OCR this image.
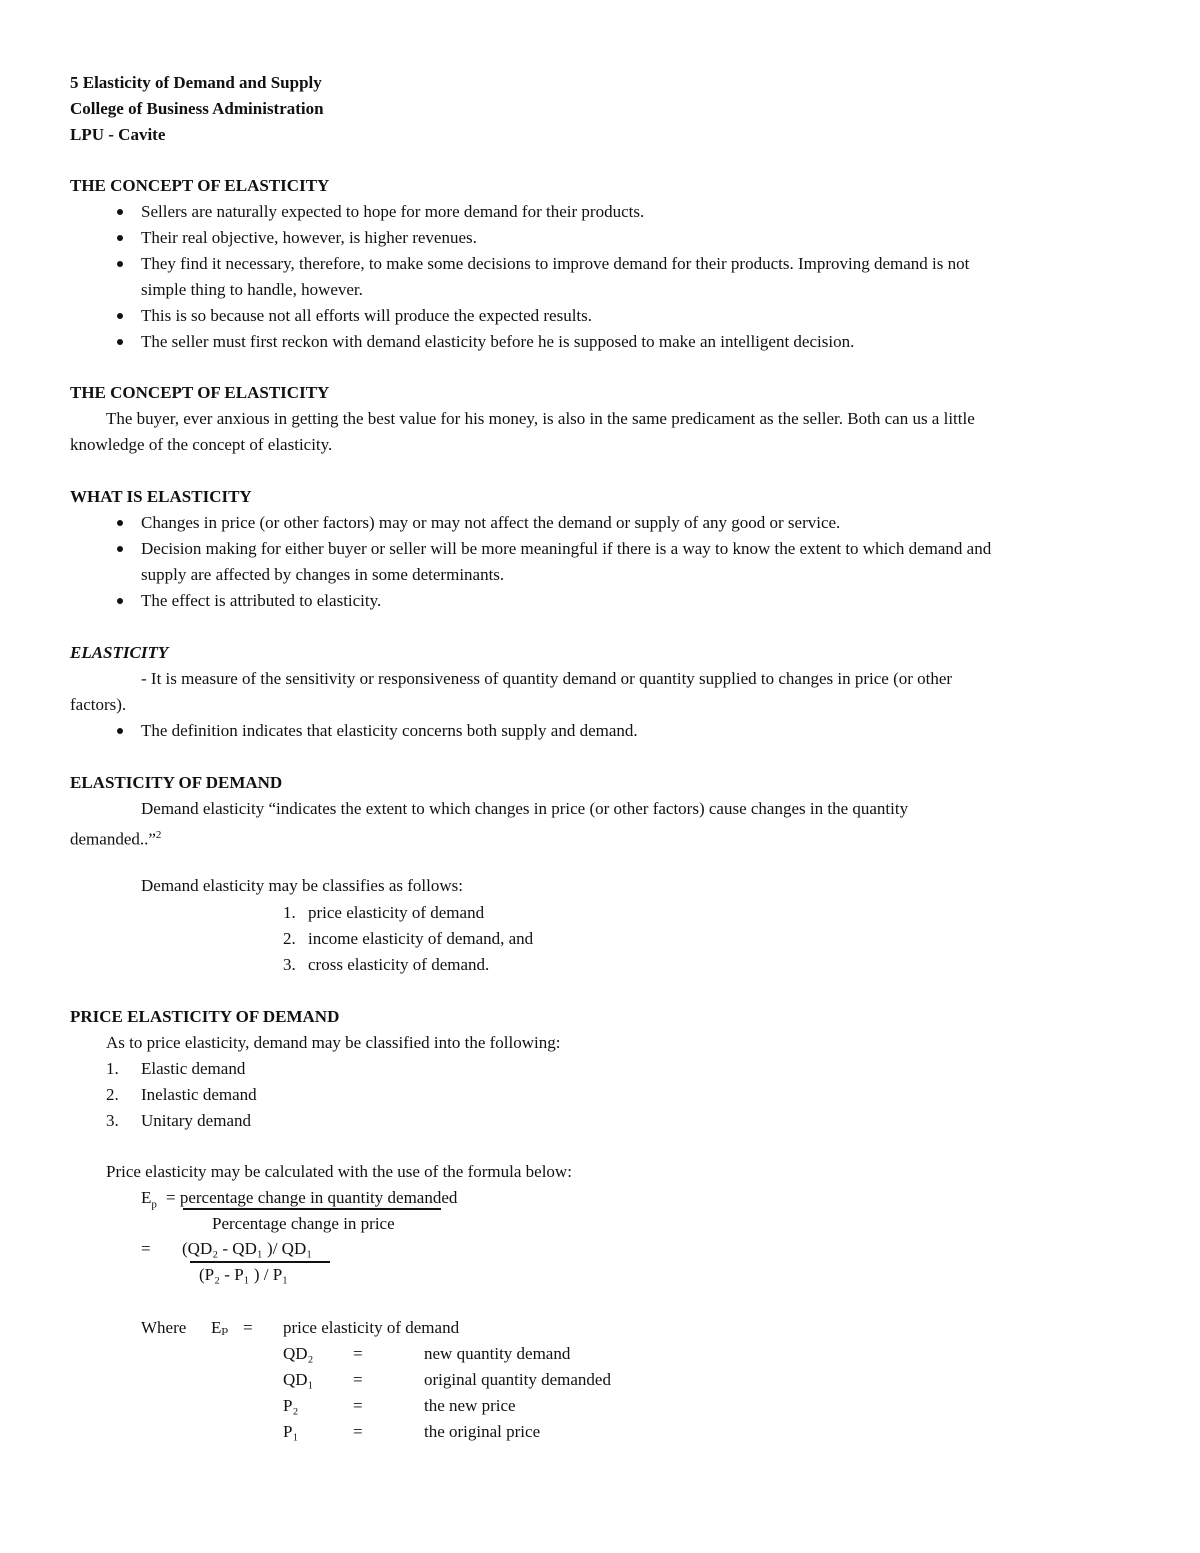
5 Elasticity of Demand and Supply
College of Business Administration
LPU - Cavite
THE CONCEPT OF ELASTICITY
Sellers are naturally expected to hope for more demand for their products.
Their real objective, however, is higher revenues.
They find it necessary, therefore, to make some decisions to improve demand for their products. Improving demand is not
simple thing to handle, however.
This is so because not all efforts will produce the expected results.
The seller must first reckon with demand elasticity before he is supposed to make an intelligent decision.
THE CONCEPT OF ELASTICITY
The buyer, ever anxious in getting the best value for his money, is also in the same predicament as the seller. Both can us a little
knowledge of the concept of elasticity.
WHAT IS ELASTICITY
Changes in price (or other factors) may or may not affect the demand or supply of any good or service.
Decision making for either buyer or seller will be more meaningful if there is a way to know the extent to which demand and
supply are affected by changes in some determinants.
The effect is attributed to elasticity.
ELASTICITY
- It is measure of the sensitivity or responsiveness of quantity demand or quantity supplied to changes in price (or other
factors).
The definition indicates that elasticity concerns both supply and demand.
ELASTICITY OF DEMAND
Demand elasticity “indicates the extent to which changes in price (or other factors) cause changes in the quantity
demanded..”$^2$
Demand elasticity may be classifies as follows:
1. price elasticity of demand
2. income elasticity of demand, and
3. cross elasticity of demand.
PRICE ELASTICITY OF DEMAND
As to price elasticity, demand may be classified into the following:
1. Elastic demand
2. Inelastic demand
3. Unitary demand
Price elasticity may be calculated with the use of the formula below:
$E_p$ = percentage change in quantity demanded
Percentage change in price
= (QD₂ - QD₁ )/ QD₁
(P₂ - P₁ ) / P₁
Where Eₚ = price elasticity of demand
QD₂ =	new quantity demand
QD₁ =	original quantity demanded
P₂	=	the new price
P₁	=	the original price
